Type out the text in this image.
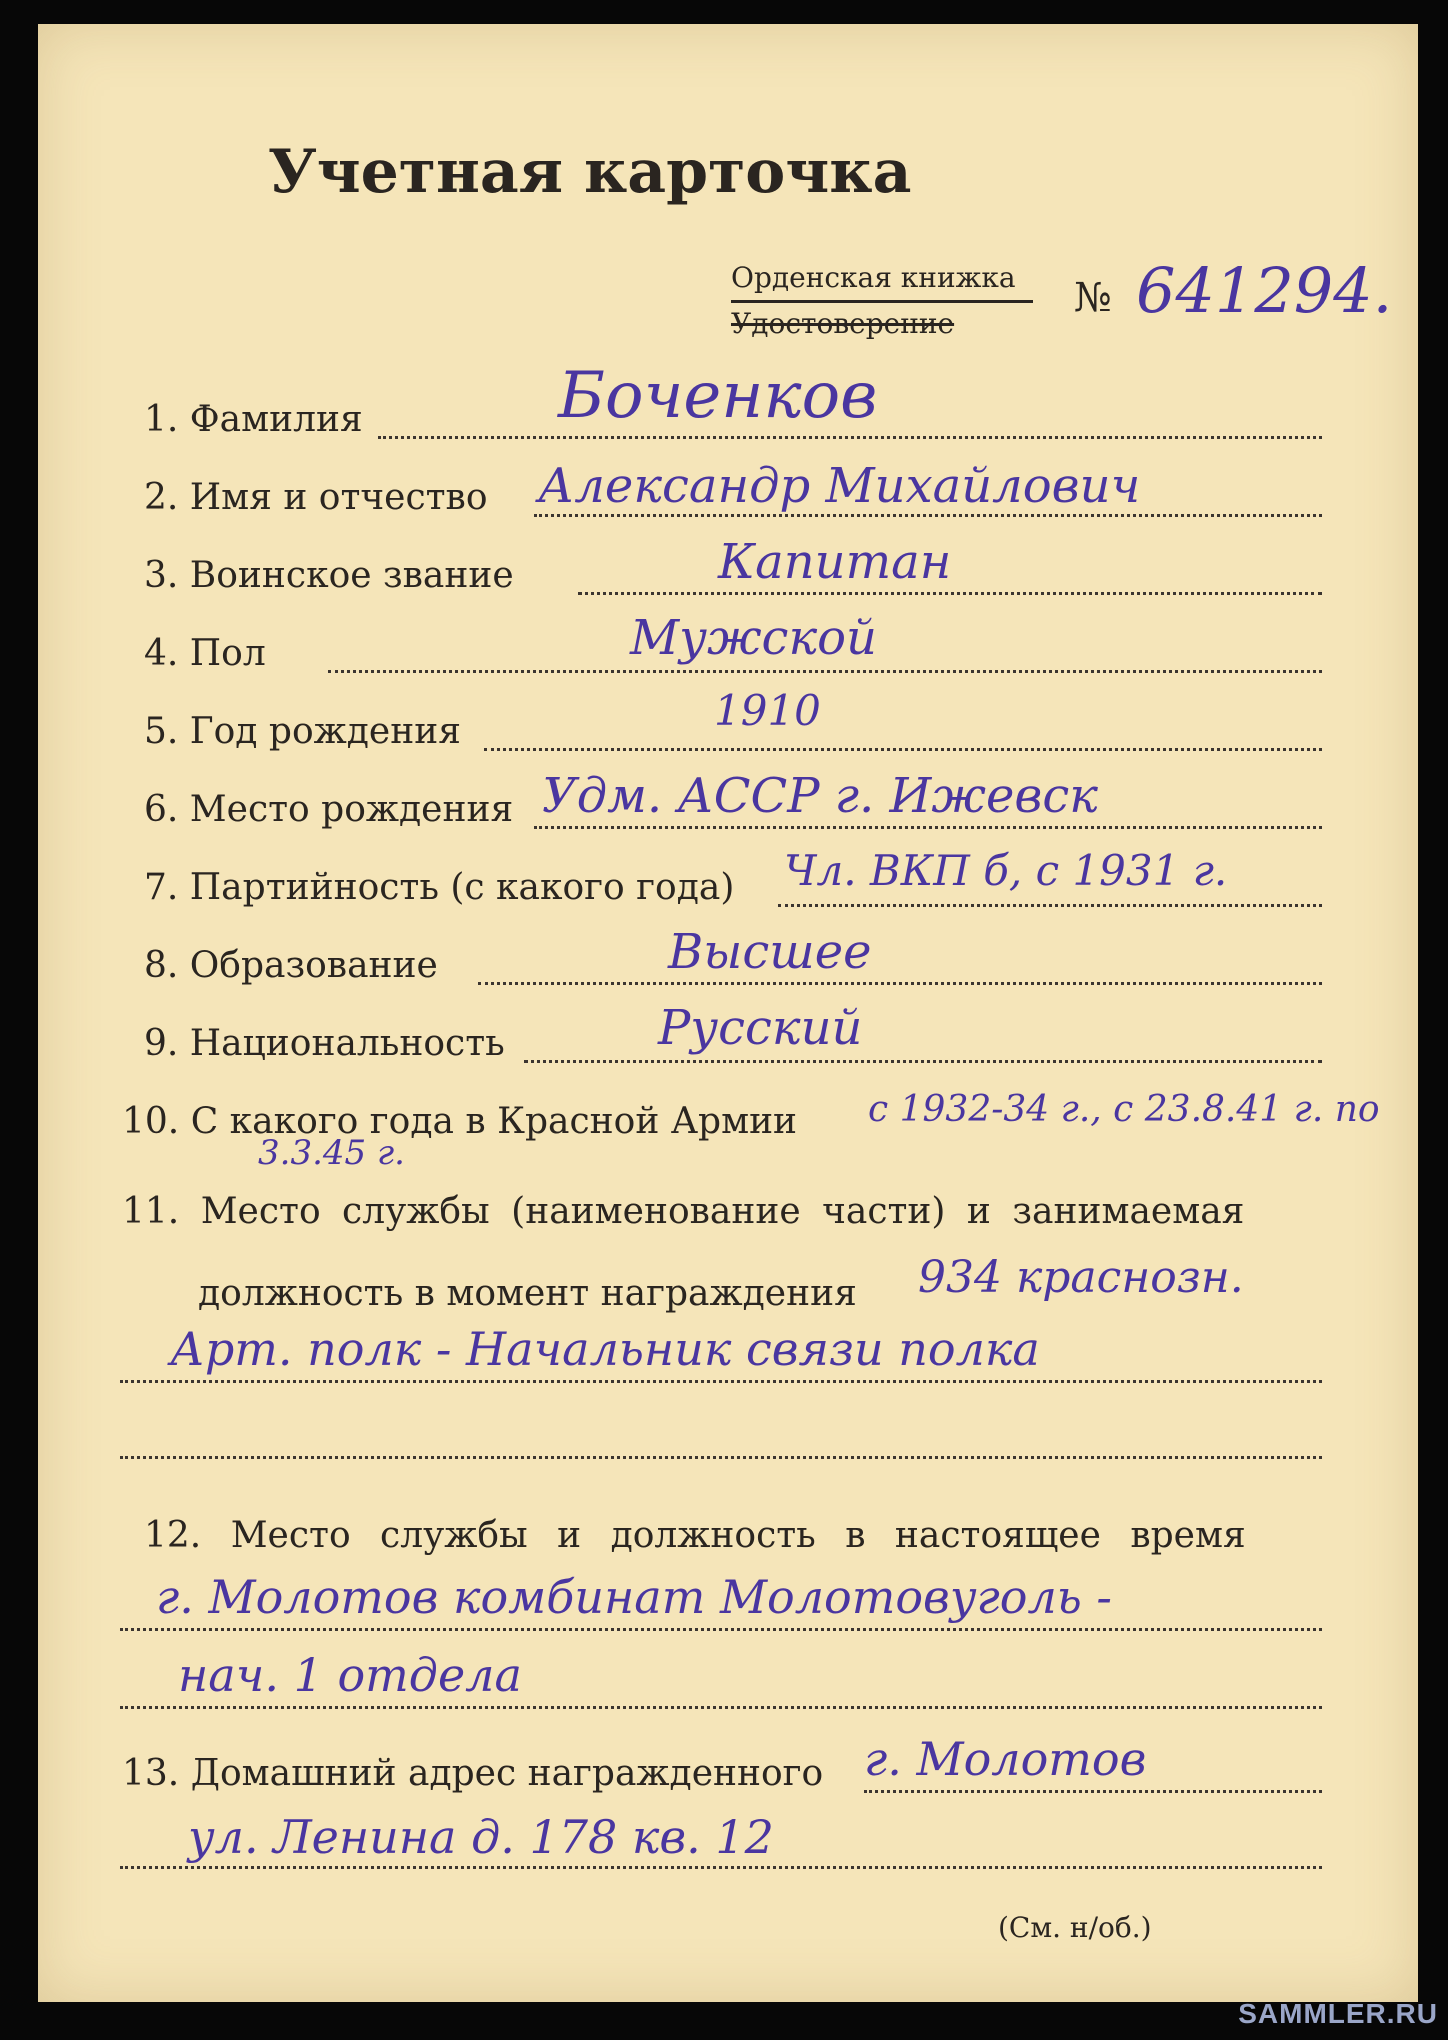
Учетная карточка
Орденская книжка
Удостоверение
№ 641294.
1. Фамилия	Боченков
2. Имя и отчество Александр Михайлович
3. Воинское звание	Капитан
4. Пол	Мужской
5. Год рождения	1910
6. Место рождения Удм. АССР г. Ижевск
7. Партийность (с какого года) Чл. ВКП б, с 1931 г.
8. Образование	Высшее
9. Национальность	Русский
10. С какого года в Красной Армии с 1932-34 г., с 23.8.41 г. по
3.3.45 г.
11. Место службы (наименование части) и занимаемая
должность в момент награждения 934 краснозн.
Арт. полк - Начальник связи полка
12. Место службы и должность в настоящее время
г. Молотов комбинат Молотовуголь -
нач. 1 отдела
13. Домашний адрес награжденного г. Молотов
ул. Ленина д. 178 кв. 12
(См. н/об.)
SAMMLER.RU
